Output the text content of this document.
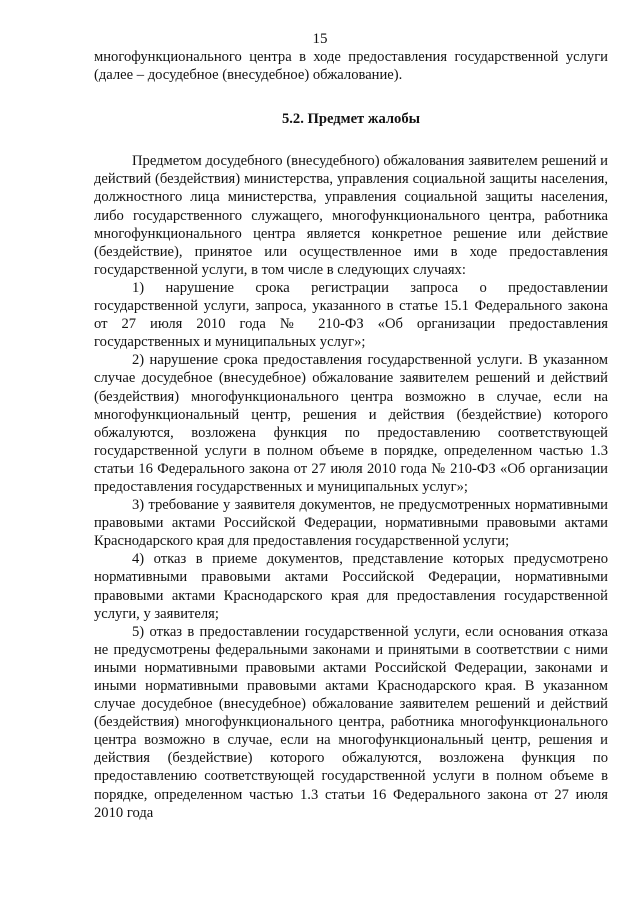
15

многофункционального центра в ходе предоставления государственной услуги (далее – досудебное (внесудебное) обжалование).

5.2. Предмет жалобы

Предметом досудебного (внесудебного) обжалования заявителем решений и действий (бездействия) министерства, управления социальной защиты населения, должностного лица министерства, управления социальной защиты населения, либо государственного служащего, многофункционального центра, работника многофункционального центра является конкретное решение или действие (бездействие), принятое или осуществленное ими в ходе предоставления государственной услуги, в том числе в следующих случаях:

1) нарушение срока регистрации запроса о предоставлении государственной услуги, запроса, указанного в статье 15.1 Федерального закона от 27 июля 2010 года № 210-ФЗ «Об организации предоставления государственных и муниципальных услуг»;

2) нарушение срока предоставления государственной услуги. В указанном случае досудебное (внесудебное) обжалование заявителем решений и действий (бездействия) многофункционального центра возможно в случае, если на многофункциональный центр, решения и действия (бездействие) которого обжалуются, возложена функция по предоставлению соответствующей государственной услуги в полном объеме в порядке, определенном частью 1.3 статьи 16 Федерального закона от 27 июля 2010 года № 210-ФЗ «Об организации предоставления государственных и муниципальных услуг»;

3) требование у заявителя документов, не предусмотренных нормативными правовыми актами Российской Федерации, нормативными правовыми актами Краснодарского края для предоставления государственной услуги;

4) отказ в приеме документов, представление которых предусмотрено нормативными правовыми актами Российской Федерации, нормативными правовыми актами Краснодарского края для предоставления государственной услуги, у заявителя;

5) отказ в предоставлении государственной услуги, если основания отказа не предусмотрены федеральными законами и принятыми в соответствии с ними иными нормативными правовыми актами Российской Федерации, законами и иными нормативными правовыми актами Краснодарского края. В указанном случае досудебное (внесудебное) обжалование заявителем решений и действий (бездействия) многофункционального центра, работника многофункционального центра возможно в случае, если на многофункциональный центр, решения и действия (бездействие) которого обжалуются, возложена функция по предоставлению соответствующей государственной услуги в полном объеме в порядке, определенном частью 1.3 статьи 16 Федерального закона от 27 июля 2010 года
